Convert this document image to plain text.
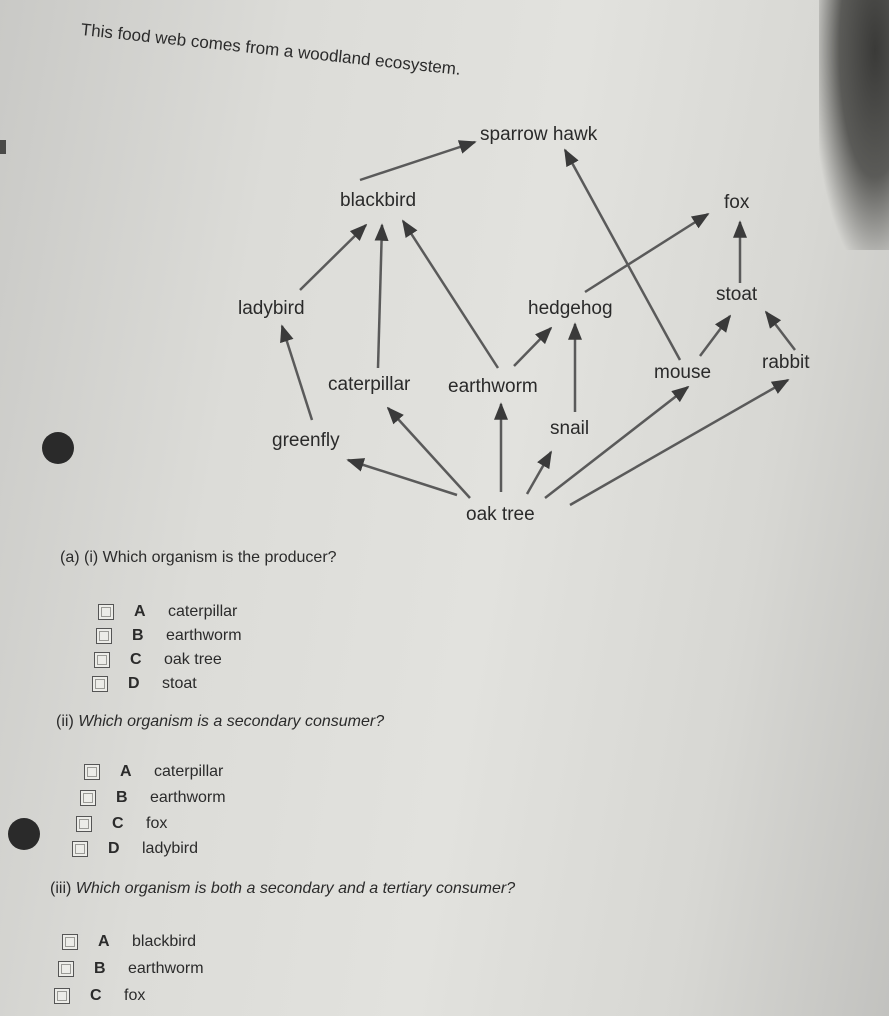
This food web comes from a woodland ecosystem.
sparrow hawk
blackbird	fox
ladybird	hedgehog
stoat
caterpillar earthworm
mouse	rabbit
greenfly
snail
oak tree
(a) (i) Which organism is the producer?
A	caterpillar
B	earthworm
C	oak tree
D	stoat
(ii) Which organism is a secondary consumer?
A	caterpillar
B	earthworm
C	fox
D	ladybird
(iii) Which organism is both a secondary and a tertiary consumer?
A	blackbird
B	earthworm
C	fox
